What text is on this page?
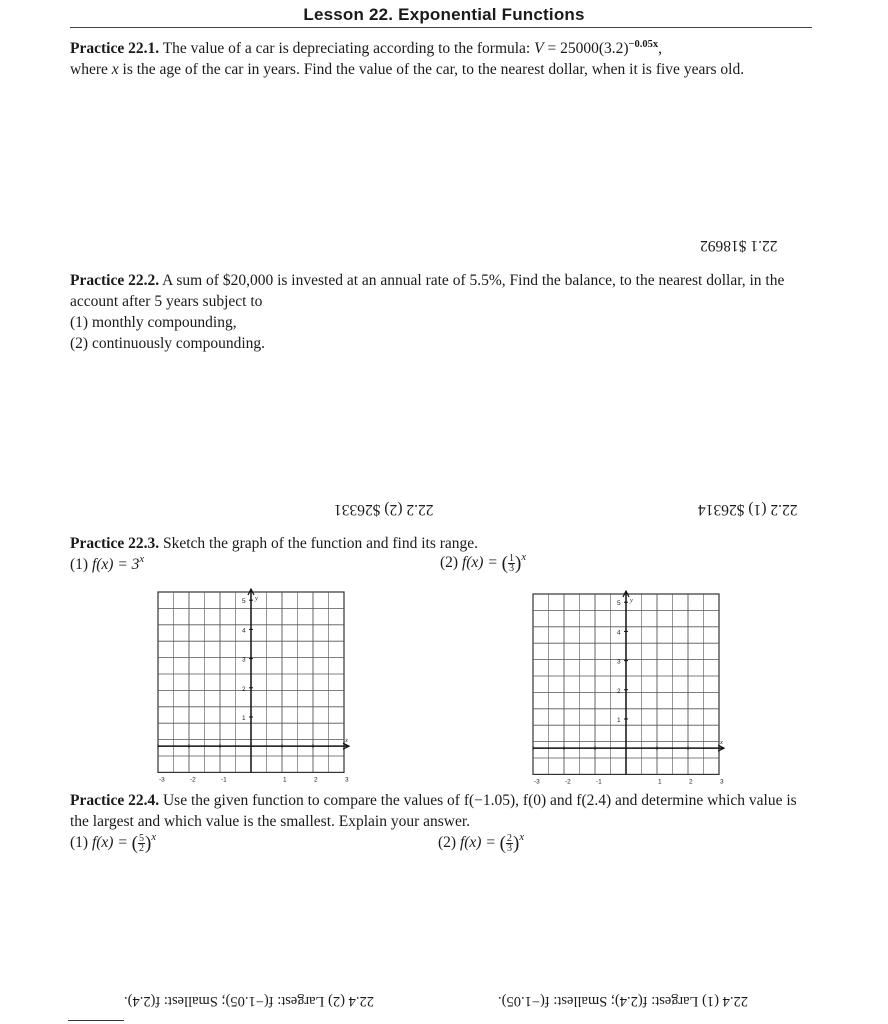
Lesson 22. Exponential Functions
Practice 22.1. The value of a car is depreciating according to the formula: $V = 25000(3.2)^{-0.05x}$,
where x is the age of the car in years. Find the value of the car, to the nearest dollar, when it is five years old.
22.1 $18692
Practice 22.2. A sum of $20,000 is invested at an annual rate of 5.5%, Find the balance, to the nearest dollar, in the account after 5 years subject to
(1) monthly compounding,
(2) continuously compounding.
22.2 (2) $26331	22.2 (1) $26314
Practice 22.3. Sketch the graph of the function and find its range.
(1) $f(x) = 3^x$	(2) f(x) = ( $\frac{1}{3} )^x$
5
4
3
2
1
y
-3	-2	-1	1	2	3
x
5
4
3
2
1
y
-3	-2	-1	1	2	3
x
Practice 22.4. Use the given function to compare the values of f(−1.05), f(0) and f(2.4) and determine which value is the largest and which value is the smallest. Explain your answer.
(1) f(x) = ( $\frac{5}{2} )^x$	(2) f(x) = ( $\frac{2}{3} )^x$
22.4 (2) Largest: f(−1.05); Smallest: f(2.4).	22.4 (1) Largest: f(2.4); Smallest: f(−1.05).
